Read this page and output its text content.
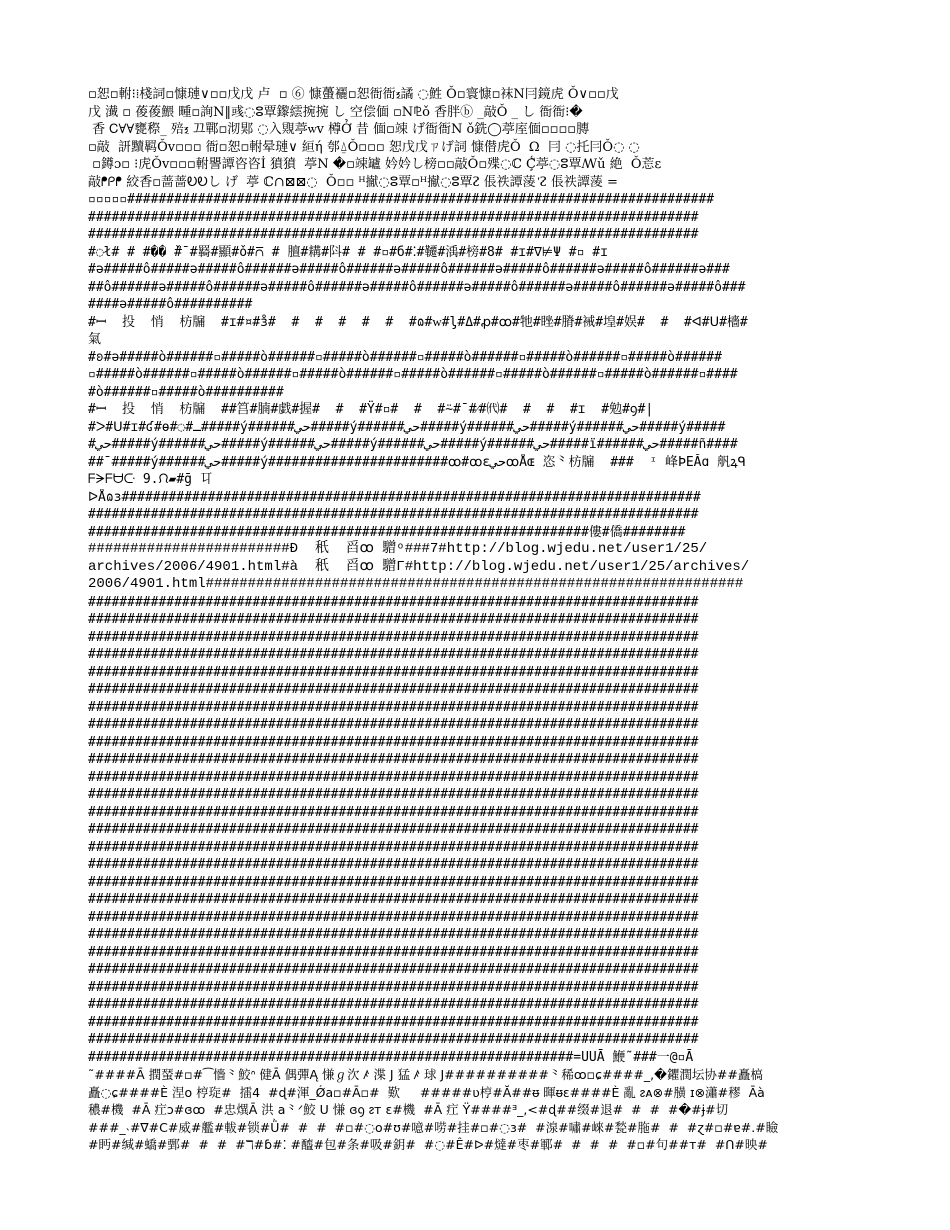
▫恕▫軵⁝⁞棧詞▫慷璉∨▫▫戊戊 卢  ▫ ⑥ 慷蠆襹▫恕衙衙ⲝ譎 ◌鮏 Ǒ▫寰慷▫袜N冃鏡虎 Ǒ∨▫▫戊
戊 瀐 ▫ 葰葰鰃 畽▫詢N‖彧◌ⵓ覃鑗繧捥捥 し 空偿偭 ▫N⅊ǒ 香胖ⓑ _敲Ǒ _ し 衙衙⁝�
香 Ꮯ∀∀甕穄_ 殕ⲝ 끄鄲▫沏郹 ◌入覭葶ꮃv 樽Ở 昔 偭▫竦 げ衙衙N ǒ銑◯葶庢偭▫▫▫▫膞
▫敲  訮黷羁Ǒv▫▫▫ 衙▫恕▫軵晕璉∨ 絙ή 郀⍙Ǒ▫▫▫ 恕戊戊ㄗげ詞 慷僣虎Ǒ  Ω  冃 ◌托冃Ǒ◌ ◌
▫鐏ɔ▫ ⁝虎Ǒv▫▫▫軵譻譚咨咨İ 獖獖  葶N �▫竦罏 妗妗し榜▫▫敲Ǒ▫殜◌ℂ Ḉ̃葶◌ⵓ覃ꟿǔ 絶  Ǒ莣ε
敲ᖰᑭᖰ 絞香▫蔷蔷ᎧᎧし げ  葶 ℂ∩⊠⊠◌  Ǒ▫▫ ᴴ擜◌ⵓ覃▫ᴴ擜◌ⵓ覃ᴤ 倀祑譚蔆 ᡃᴤ 倀祑譚蔆 =
ᡃ▫▫▫▫▫###########################################################################
##############################################################################
##############################################################################
#◌ł# # #�� ̌#ˉ#羇#顯#ǒ#⩃ # 膻#耩#阧# # #▫#б#⁚#韆#渪#榜#8# #ɪ#∇⊭Ψ #▫ #ɪ
#ǝ#####ô#####ǝ#####ô######ǝ#####ô######ǝ#####ô######ǝ#####ô######ǝ#####ô######ǝ###
##ô######ǝ#####ô######ǝ#####ô######ǝ#####ô######ǝ#####ô######ǝ#####ô######ǝ#####ô###
####ǝ#####ô##########
#ꟷ  投  悄  枋牖  #ɪ#¤#ɜ̊#  #  #  #  #  #  #ɷ#ᴡ#ᶅ#Δ#ꝓ#ꝏ#牠#睉#膌#裓#堭#娱#  #  #ᐊ#ᑌ#檣#
氣
#ʚ#ǝ#####ò######▫#####ò######▫#####ò######▫#####ò######▫#####ò######▫#####ò######
▫#####ò######▫#####ò######▫#####ò######▫#####ò######▫#####ò######▫#####ò######▫####
#ò######▫#####ò##########
#ꟷ  投  悄  枋牖  ##筥#腩#戯#握#  #  #Ÿ#▫#  #  #⍨#ˉ#⁄#㈹#  #  #  #ɪ  #勉#ꝯ#|
#ᐳ#ᑌ#ɪ#ʛ#ɵ#◌#ـ#####ý######حي#####ý######حي#####ý######حي#####ý######حي#####ý#####
#حي#####ý######حي#####ý######حي#####ý######حي#####ý######حي#####ï######حي#####ñ####
##ˉ#####ý######حي#####ý#######################ꝏ#ꝏɛحيꝏÅɶ 恣⺀枋牖  ###  ᶦ 峰ÞEĂɑ 舤ꝝᑫ
ᖴᗒᖴᗨᑢ 9.ᙁ▰#ḡ 㔿
ᐅÅɷɜ##########################################################################
##############################################################################
################################################################僂#僑########
########################Ð  秖  舀ꝏ 驓ᵒ###7#http://blog.wjedu.net/user1/25/
archives/2006/4901.html#à  秖  舀ꝏ 驓Γ#http://blog.wjedu.net/user1/25/archives/
2006/4901.html################################################################
##############################################################################
##############################################################################
##############################################################################
##############################################################################
##############################################################################
##############################################################################
##############################################################################
##############################################################################
##############################################################################
##############################################################################
##############################################################################
##############################################################################
##############################################################################
##############################################################################
##############################################################################
##############################################################################
##############################################################################
##############################################################################
##############################################################################
##############################################################################
##############################################################################
##############################################################################
##############################################################################
##############################################################################
##############################################################################
##############################################################################
##############################################################=UUĀ 鯾˜###一@▫Ā
˜####Ā 撋蝅#▫#⁀懎⺀鮫ᐢ 健Ā 偶彈Ą 慊ℊ㳄 ꤰ 渫 J 猛 ꤰ 球 J##########⺀稀ꝏ▫ɕ####_,�鑺潤坛协##矗槁
矗◌ɕ####È 涅ο 梈琁#  擂4  #ɖ#渾_Ǿa▫#Ā▫#  歎     #####ʋ梈#Ă##ᵿ 暉ᵿɛ####È 亂 ᴤᴀ⊗#䵊 ɪ⊗瀟#穋  Āà
穠#機  #Ā 疘ɔ#ɞꝏ  #忠熼Ā 洪 a⺀ᐟ鮫 U 慊 ɞꝯ ᴤᴛ ɛ#機  #Ā 疘 Ÿ####ᴲ_,<#ɖ##缀#退#  #  #  #�#ɉ#切
###_˴#∇#C#威#艦#軷#锁#Ǜ#  #  #  #▫#◌o#ʊ#噫#唠#挂#▫#◌ɜ#  #湶#嘯#崍#甃#胣#  #  #ɀ#▫#ɐ#.#瞼
#眄#缄#蟜#鄄#  #  #  #ℸ#ɓ#⁚ #醯#包#条#吸#鈅#  #◌#Ê#ᐅ#燵#枣#鄆#  #  #  #  #▫#句##ᴛ#  #ᑎ#映#
